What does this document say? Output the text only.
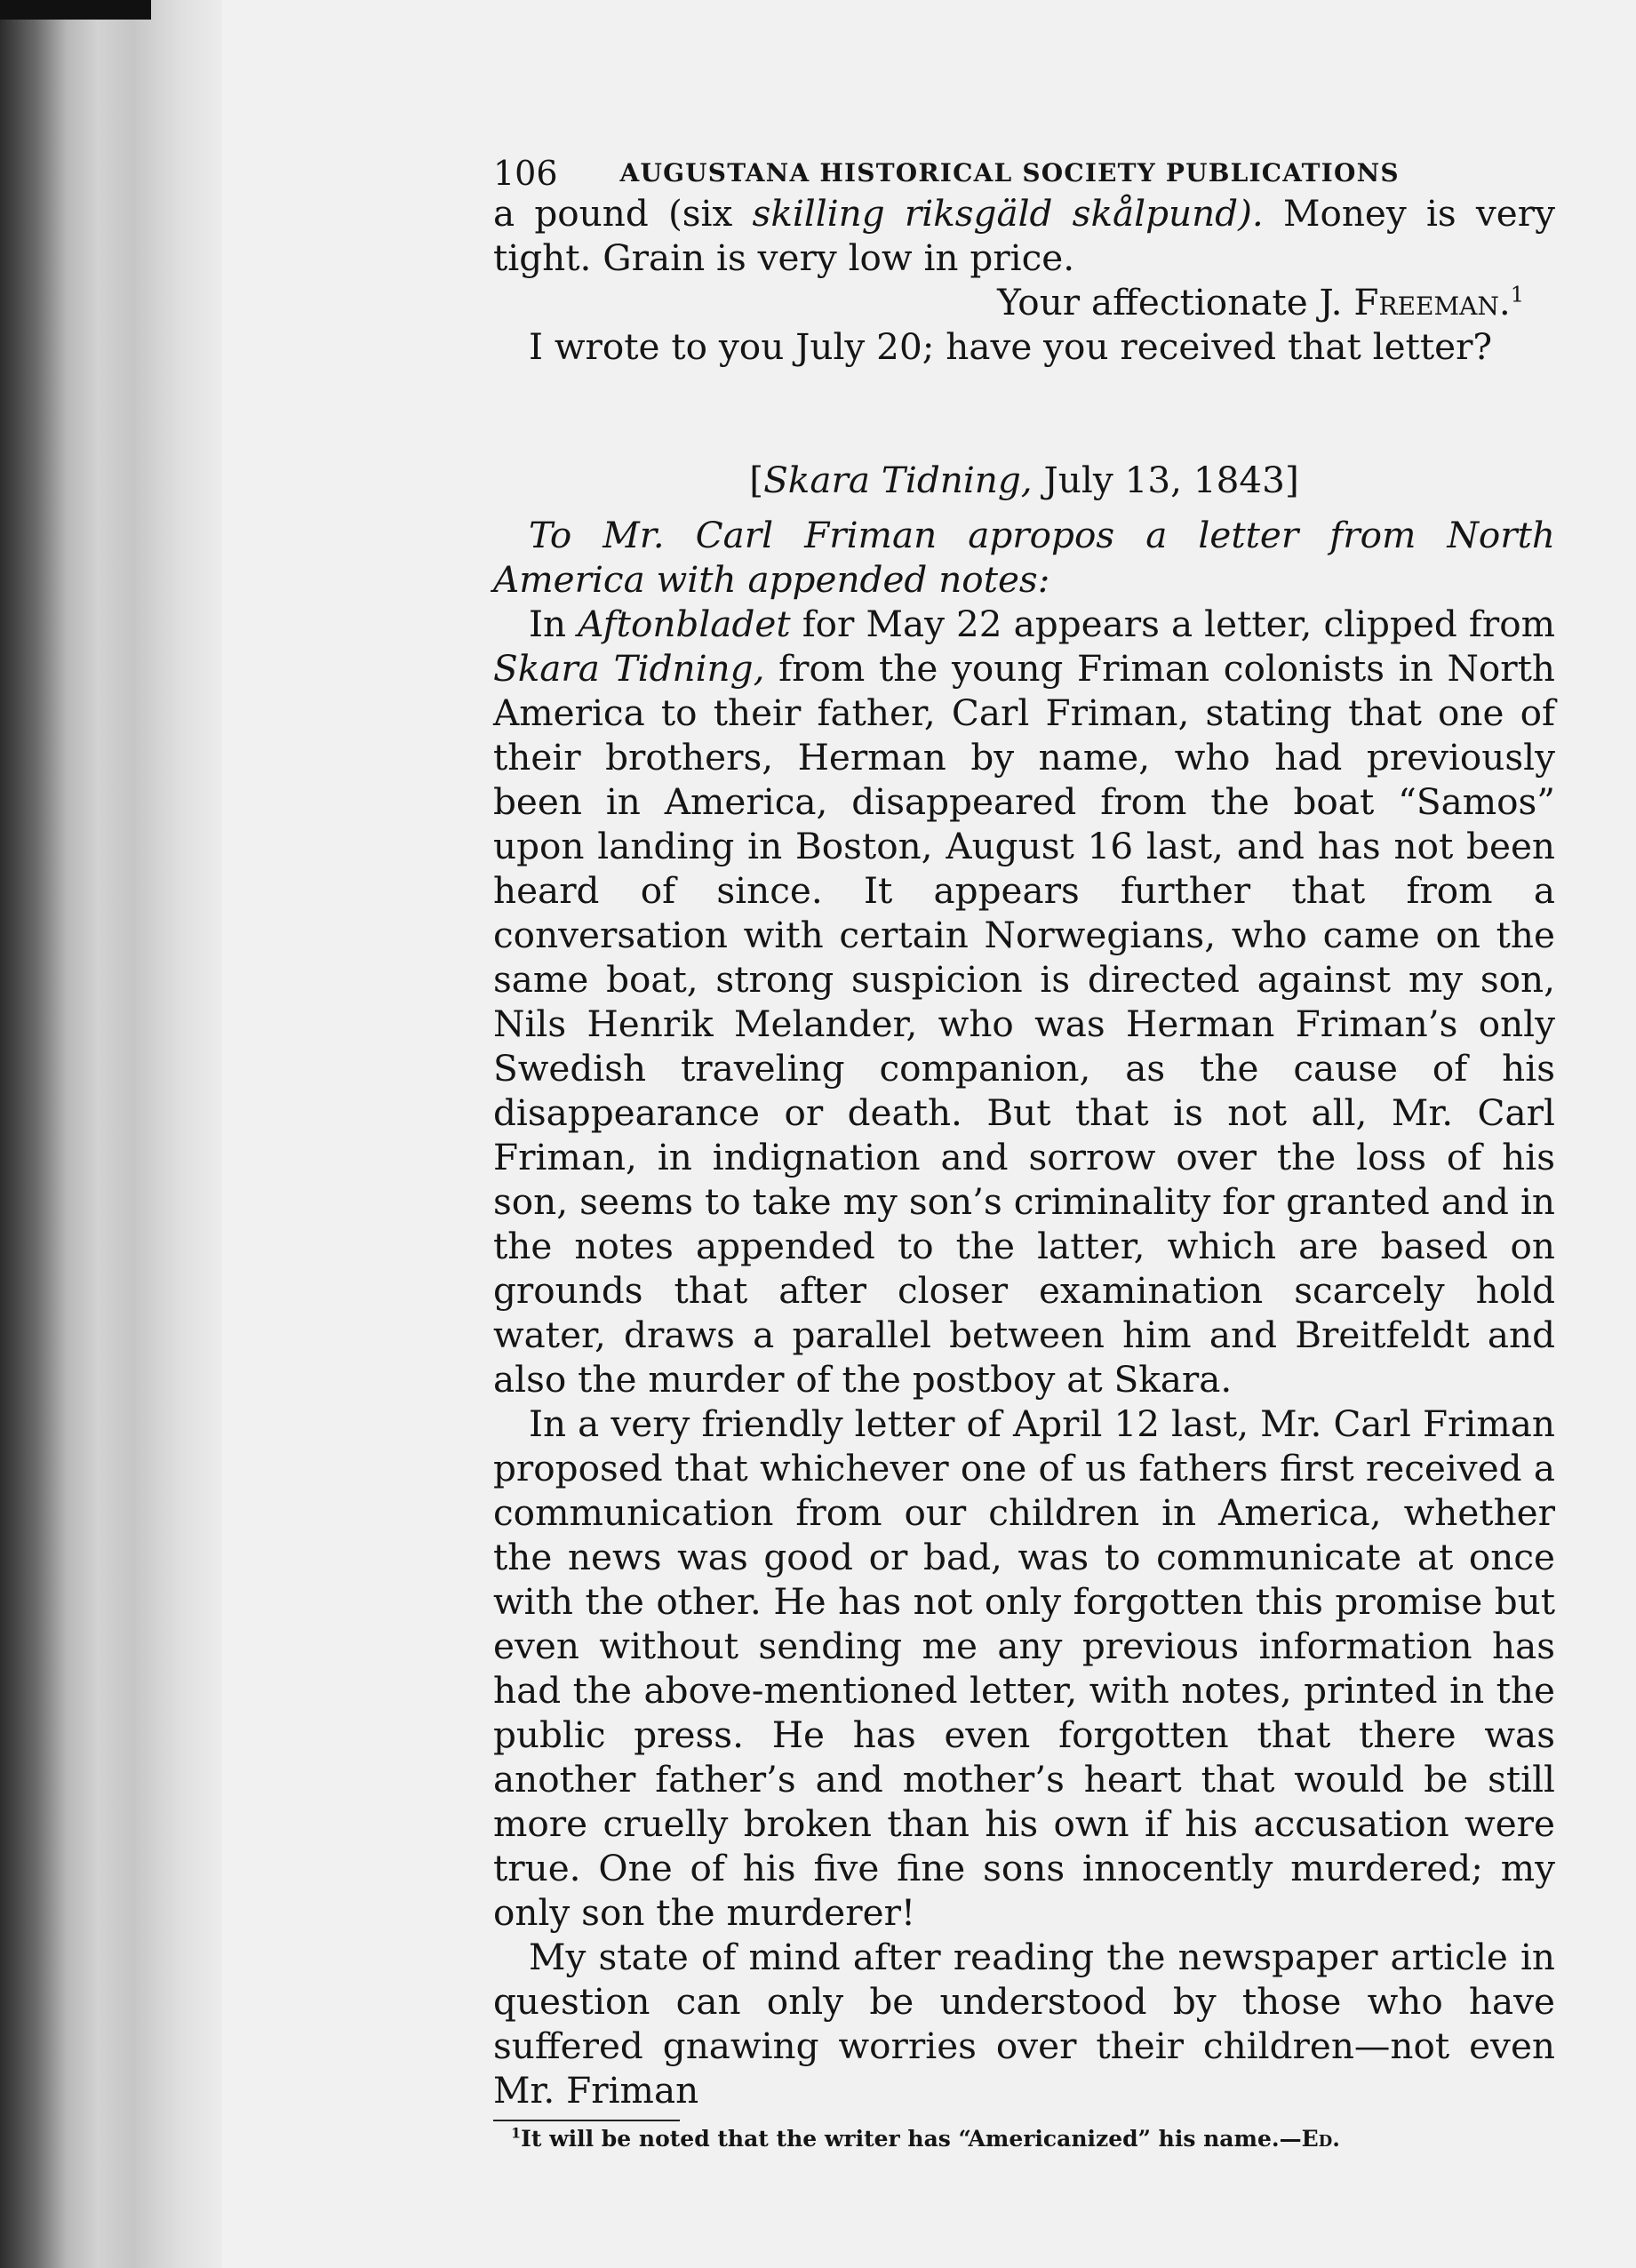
106	AUGUSTANA HISTORICAL SOCIETY PUBLICATIONS

a pound (six skilling riksgäld skålpund). Money is very tight. Grain is very low in price.

Your affectionate J. Freeman.$^1$

I wrote to you July 20; have you received that letter?

[Skara Tidning, July 13, 1843]

To Mr. Carl Friman apropos a letter from North America with appended notes:

In Aftonbladet for May 22 appears a letter, clipped from Skara Tidning, from the young Friman colonists in North America to their father, Carl Friman, stating that one of their brothers, Herman by name, who had previously been in America, disappeared from the boat “Samos” upon landing in Boston, August 16 last, and has not been heard of since. It appears further that from a conversation with certain Norwegians, who came on the same boat, strong suspicion is directed against my son, Nils Henrik Melander, who was Herman Friman’s only Swedish traveling companion, as the cause of his disappearance or death. But that is not all, Mr. Carl Friman, in indignation and sorrow over the loss of his son, seems to take my son’s criminality for granted and in the notes appended to the latter, which are based on grounds that after closer examination scarcely hold water, draws a parallel between him and Breitfeldt and also the murder of the postboy at Skara.

In a very friendly letter of April 12 last, Mr. Carl Friman proposed that whichever one of us fathers first received a communication from our children in America, whether the news was good or bad, was to communicate at once with the other. He has not only forgotten this promise but even without sending me any previous information has had the above-mentioned letter, with notes, printed in the public press. He has even forgotten that there was another father’s and mother’s heart that would be still more cruelly broken than his own if his accusation were true. One of his five fine sons innocently murdered; my only son the murderer!

My state of mind after reading the newspaper article in question can only be understood by those who have suffered gnawing worries over their children—not even Mr. Friman

$^1$It will be noted that the writer has “Americanized” his name.—Ed.
